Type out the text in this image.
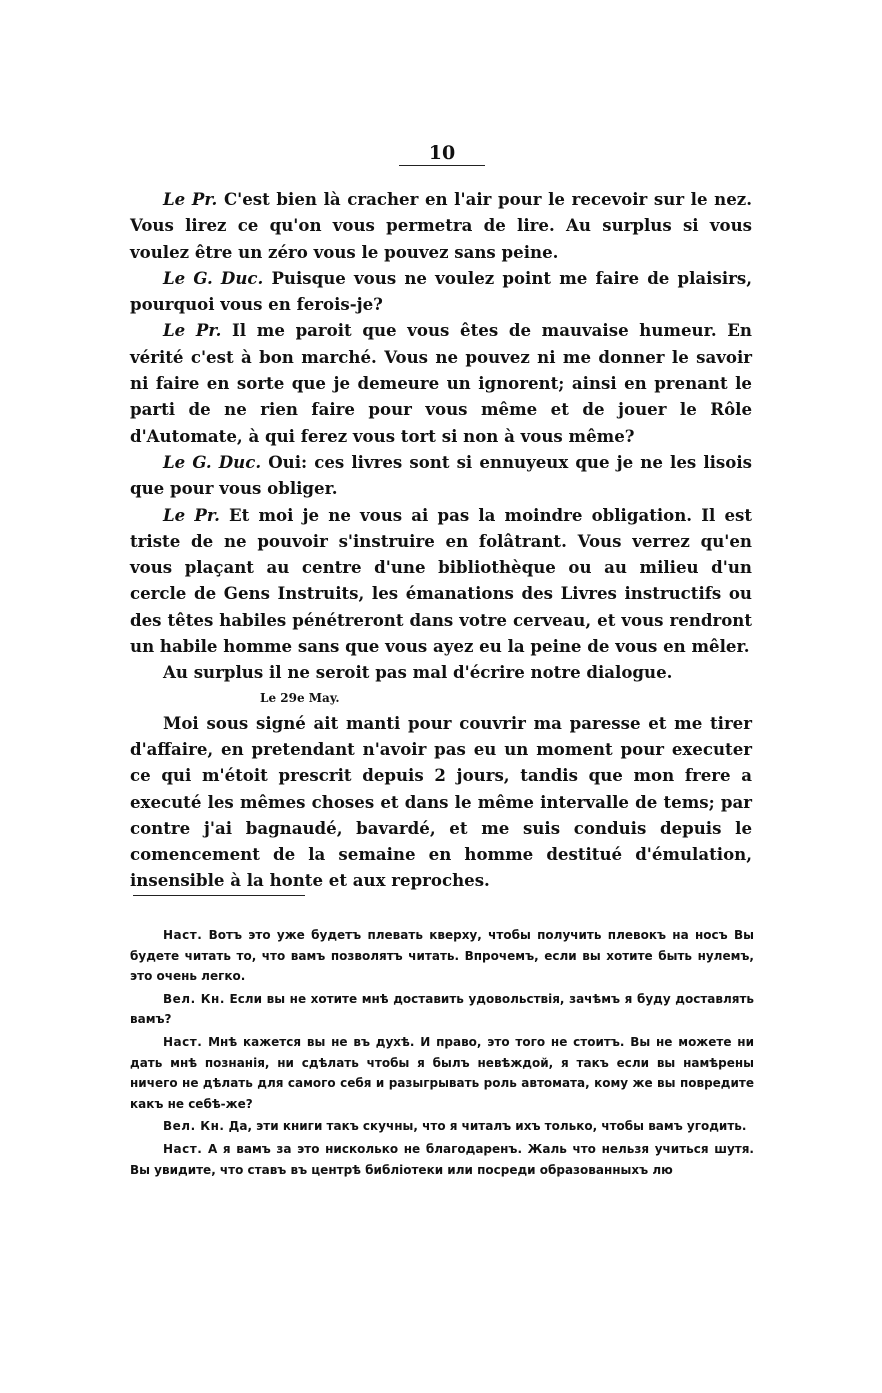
10

Le Pr. C'est bien là cracher en l'air pour le recevoir sur le nez. Vous lirez ce qu'on vous permetra de lire. Au surplus si vous voulez être un zéro vous le pouvez sans peine.

Le G. Duc. Puisque vous ne voulez point me faire de plaisirs, pourquoi vous en ferois-je?

Le Pr. Il me paroit que vous êtes de mauvaise humeur. En vérité c'est à bon marché. Vous ne pouvez ni me donner le savoir ni faire en sorte que je demeure un ignorent; ainsi en prenant le parti de ne rien faire pour vous même et de jouer le Rôle d'Automate, à qui ferez vous tort si non à vous même?

Le G. Duc. Oui: ces livres sont si ennuyeux que je ne les lisois que pour vous obliger.

Le Pr. Et moi je ne vous ai pas la moindre obligation. Il est triste de ne pouvoir s'instruire en folâtrant. Vous verrez qu'en vous plaçant au centre d'une bibliothèque ou au milieu d'un cercle de Gens Instruits, les émanations des Livres instructifs ou des têtes habiles pénétreront dans votre cerveau, et vous rendront un habile homme sans que vous ayez eu la peine de vous en mêler.

Au surplus il ne seroit pas mal d'écrire notre dialogue.

Le 29e May.

Moi sous signé ait manti pour couvrir ma paresse et me tirer d'affaire, en pretendant n'avoir pas eu un moment pour executer ce qui m'étoit prescrit depuis 2 jours, tandis que mon frere a executé les mêmes choses et dans le même intervalle de tems; par contre j'ai bagnaudé, bavardé, et me suis conduis depuis le comencement de la semaine en homme destitué d'émulation, insensible à la honte et aux reproches.

Наст. Вотъ это уже будетъ плевать кверху, чтобы получить плевокъ на носъ Вы будете читать то, что вамъ позволятъ читать. Впрочемъ, если вы хотите быть нулемъ, это очень легко.

Вел. Кн. Если вы не хотите мнѣ доставить удовольствія, зачѣмъ я буду доставлять вамъ?

Наст. Мнѣ кажется вы не въ духѣ. И право, это того не стоитъ. Вы не можете ни дать мнѣ познанія, ни сдѣлать чтобы я былъ невѣждой, я такъ если вы намѣрены ничего не дѣлать для самого себя и разыгрывать роль автомата, кому же вы повредите какъ не себѣ-же?

Вел. Кн. Да, эти книги такъ скучны, что я читалъ ихъ только, чтобы вамъ угодить.

Наст. А я вамъ за это нисколько не благодаренъ. Жаль что нельзя учиться шутя. Вы увидите, что ставъ въ центрѣ библіотеки или посреди образованныхъ лю
